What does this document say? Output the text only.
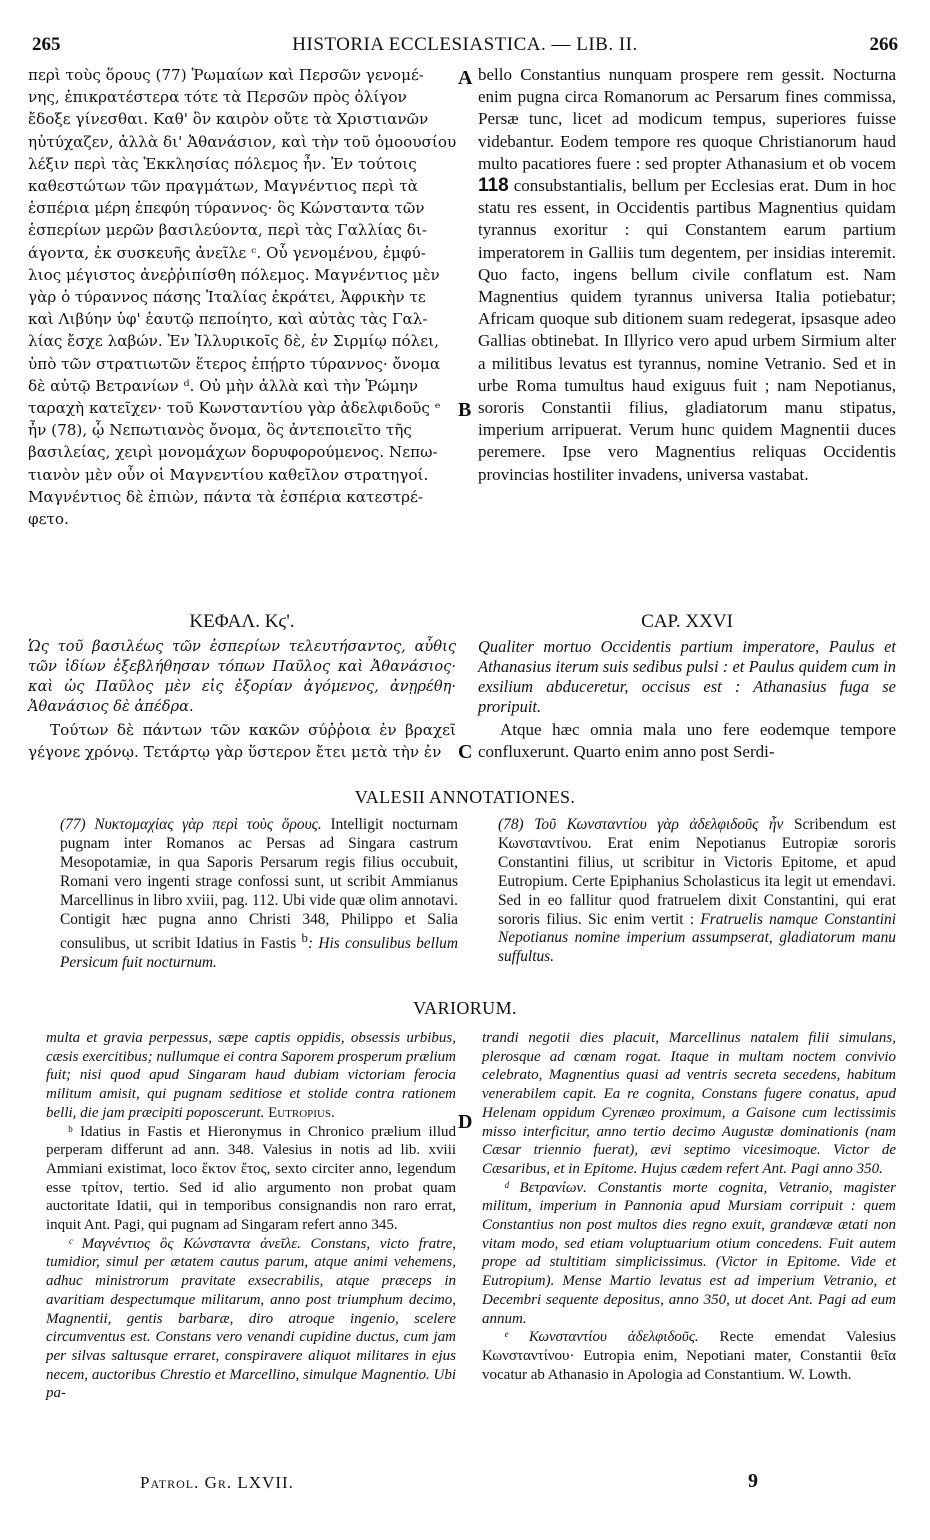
265	HISTORIA ECCLESIASTICA. — LIB. II.	266
περὶ τοὺς ὅρους (77) Ῥωμαίων καὶ Περσῶν γενομέ-
νης, ἐπικρατέστερα τότε τὰ Περσῶν πρὸς ὀλίγον
ἔδοξε γίνεσθαι. Καθ' ὃν καιρὸν οὔτε τὰ Χριστιανῶν
ηὐτύχαζεν, ἀλλὰ δι' Ἀθανάσιον, καὶ τὴν τοῦ ὁμοουσίου
λέξιν περὶ τὰς Ἐκκλησίας πόλεμος ἦν. Ἐν τούτοις
καθεστώτων τῶν πραγμάτων, Μαγνέντιος περὶ τὰ
ἑσπέρια μέρη ἐπεφύη τύραννος· ὃς Κώνσταντα τῶν
ἑσπερίων μερῶν βασιλεύοντα, περὶ τὰς Γαλλίας δι-
άγοντα, ἐκ συσκευῆς ἀνεῖλε ᶜ. Οὗ γενομένου, ἐμφύ-
λιος μέγιστος ἀνεῤῥιπίσθη πόλεμος. Μαγνέντιος μὲν
γὰρ ὁ τύραννος πάσης Ἰταλίας ἐκράτει, Ἀφρικὴν τε
καὶ Λιβύην ὑφ' ἑαυτῷ πεποίητο, καὶ αὐτὰς τὰς Γαλ-
λίας ἔσχε λαβών. Ἐν Ἰλλυρικοῖς δὲ, ἐν Σιρμίῳ πόλει,
ὑπὸ τῶν στρατιωτῶν ἕτερος ἐπῄρτο τύραννος· ὄνομα
δὲ αὐτῷ Βετρανίων ᵈ. Οὐ μὴν ἀλλὰ καὶ τὴν Ῥώμην
ταραχὴ κατεῖχεν· τοῦ Κωνσταντίου γὰρ ἀδελφιδοῦς ᵉ
ἦν (78), ᾧ Νεπωτιανὸς ὄνομα, ὃς ἀντεποιεῖτο τῆς
βασιλείας, χειρὶ μονομάχων δορυφορούμενος. Νεπω-
τιανὸν μὲν οὖν οἱ Μαγνεντίου καθεῖλον στρατηγοί.
Μαγνέντιος δὲ ἐπιὼν, πάντα τὰ ἑσπέρια κατεστρέ-
φετο.

bello Constantius nunquam prospere rem gessit. Nocturna enim pugna circa Romanorum ac Persarum fines commissa, Persæ tunc, licet ad modicum tempus, superiores fuisse videbantur. Eodem tempore res quoque Christianorum haud multo pacatiores fuere : sed propter Athanasium et ob vocem 118 consubstantialis, bellum per Ecclesias erat. Dum in hoc statu res essent, in Occidentis partibus Magnentius quidam tyrannus exoritur : qui Constantem earum partium imperatorem in Galliis tum degentem, per insidias interemit. Quo facto, ingens bellum civile conflatum est. Nam Magnentius quidem tyrannus universa Italia potiebatur; Africam quoque sub ditionem suam redegerat, ipsasque adeo Gallias obtinebat. In Illyrico vero apud urbem Sirmium alter a militibus levatus est tyrannus, nomine Vetranio. Sed et in urbe Roma tumultus haud exiguus fuit ; nam Nepotianus, sororis Constantii filius, gladiatorum manu stipatus, imperium arripuerat. Verum hunc quidem Magnentii duces peremere. Ipse vero Magnentius reliquas Occidentis provincias hostiliter invadens, universa vastabat.

A
B
C
D
ΚΕΦΑΛ. Κϛ'.	CAP. XXVI
Ὡς τοῦ βασιλέως τῶν ἑσπερίων τελευτήσαντος, αὖθις τῶν ἰδίων ἐξεβλήθησαν τόπων Παῦλος καὶ Ἀθανάσιος· καὶ ὡς Παῦλος μὲν εἰς ἐξορίαν ἀγόμενος, ἀνῃρέθη· Ἀθανάσιος δὲ ἀπέδρα.
Qualiter mortuo Occidentis partium imperatore, Paulus et Athanasius iterum suis sedibus pulsi : et Paulus quidem cum in exsilium abduceretur, occisus est : Athanasius fuga se proripuit.
Τούτων δὲ πάντων τῶν κακῶν σύῤῥοια ἐν βραχεῖ γέγονε χρόνῳ. Τετάρτῳ γὰρ ὕστερον ἔτει μετὰ τὴν ἐν
Atque hæc omnia mala uno fere eodemque tempore confluxerunt. Quarto enim anno post Serdi-
VALESII ANNOTATIONES.

(77) Νυκτομαχίας γὰρ περὶ τοὺς ὅρους. Intelligit nocturnam pugnam inter Romanos ac Persas ad Singara castrum Mesopotamiæ, in qua Saporis Persarum regis filius occubuit, Romani vero ingenti strage confossi sunt, ut scribit Ammianus Marcellinus in libro xviii, pag. 112. Ubi vide quæ olim annotavi. Contigit hæc pugna anno Christi 348, Philippo et Salia consulibus, ut scribit Idatius in Fastis $^b$: His consulibus bellum Persicum fuit nocturnum.

(78) Τοῦ Κωνσταντίου γὰρ ἀδελφιδοῦς ἦν Scribendum est Κωνσταντίνου. Erat enim Nepotianus Eutropiæ sororis Constantini filius, ut scribitur in Victoris Epitome, et apud Eutropium. Certe Epiphanius Scholasticus ita legit ut emendavi. Sed in eo fallitur quod fratruelem dixit Constantini, qui erat sororis filius. Sic enim vertit : Fratruelis namque Constantini Nepotianus nomine imperium assumpserat, gladiatorum manu suffultus.

VARIORUM.

multa et gravia perpessus, sæpe captis oppidis, obsessis urbibus, cæsis exercitibus; nullumque ei contra Saporem prosperum prælium fuit; nisi quod apud Singaram haud dubiam victoriam ferocia militum amisit, qui pugnam seditiose et stolide contra rationem belli, die jam præcipiti poposcerunt. Eutropius.

ᵇ Idatius in Fastis et Hieronymus in Chronico prælium illud perperam differunt ad ann. 348. Valesius in notis ad lib. xviii Ammiani existimat, loco ἕκτον ἔτος, sexto circiter anno, legendum esse τρίτον, tertio. Sed id alio argumento non probat quam auctoritate Idatii, qui in temporibus consignandis non raro errat, inquit Ant. Pagi, qui pugnam ad Singaram refert anno 345.

ᶜ Μαγνέντιος ὃς Κώνσταντα ἀνεῖλε. Constans, victo fratre, tumidior, simul per ætatem cautus parum, atque animi vehemens, adhuc ministrorum pravitate exsecrabilis, atque præceps in avaritiam despectumque militarum, anno post triumphum decimo, Magnentii, gentis barbaræ, diro atroque ingenio, scelere circumventus est. Constans vero venandi cupidine ductus, cum jam per silvas saltusque erraret, conspiravere aliquot militares in ejus necem, auctoribus Chrestio et Marcellino, simulque Magnentio. Ubi pa-

trandi negotii dies placuit, Marcellinus natalem filii simulans, plerosque ad cœnam rogat. Itaque in multam noctem convivio celebrato, Magnentius quasi ad ventris secreta secedens, habitum venerabilem capit. Ea re cognita, Constans fugere conatus, apud Helenam oppidum Cyrenæo proximum, a Gaisone cum lectissimis misso interficitur, anno tertio decimo Augustæ dominationis (nam Cæsar triennio fuerat), ævi septimo vicesimoque. Victor de Cæsaribus, et in Epitome. Hujus cædem refert Ant. Pagi anno 350.

ᵈ Βετρανίων. Constantis morte cognita, Vetranio, magister militum, imperium in Pannonia apud Mursiam corripuit : quem Constantius non post multos dies regno exuit, grandævæ ætati non vitam modo, sed etiam voluptuarium otium concedens. Fuit autem prope ad stultitiam simplicissimus. (Victor in Epitome. Vide et Eutropium). Mense Martio levatus est ad imperium Vetranio, et Decembri sequente depositus, anno 350, ut docet Ant. Pagi ad eum annum.

ᵉ Κωνσταντίου ἀδελφιδοῦς. Recte emendat Valesius Κωνσταντίνου· Eutropia enim, Nepotiani mater, Constantii θεῖα vocatur ab Athanasio in Apologia ad Constantium. W. Lowth.

Patrol. Gr. LXVII.	9
